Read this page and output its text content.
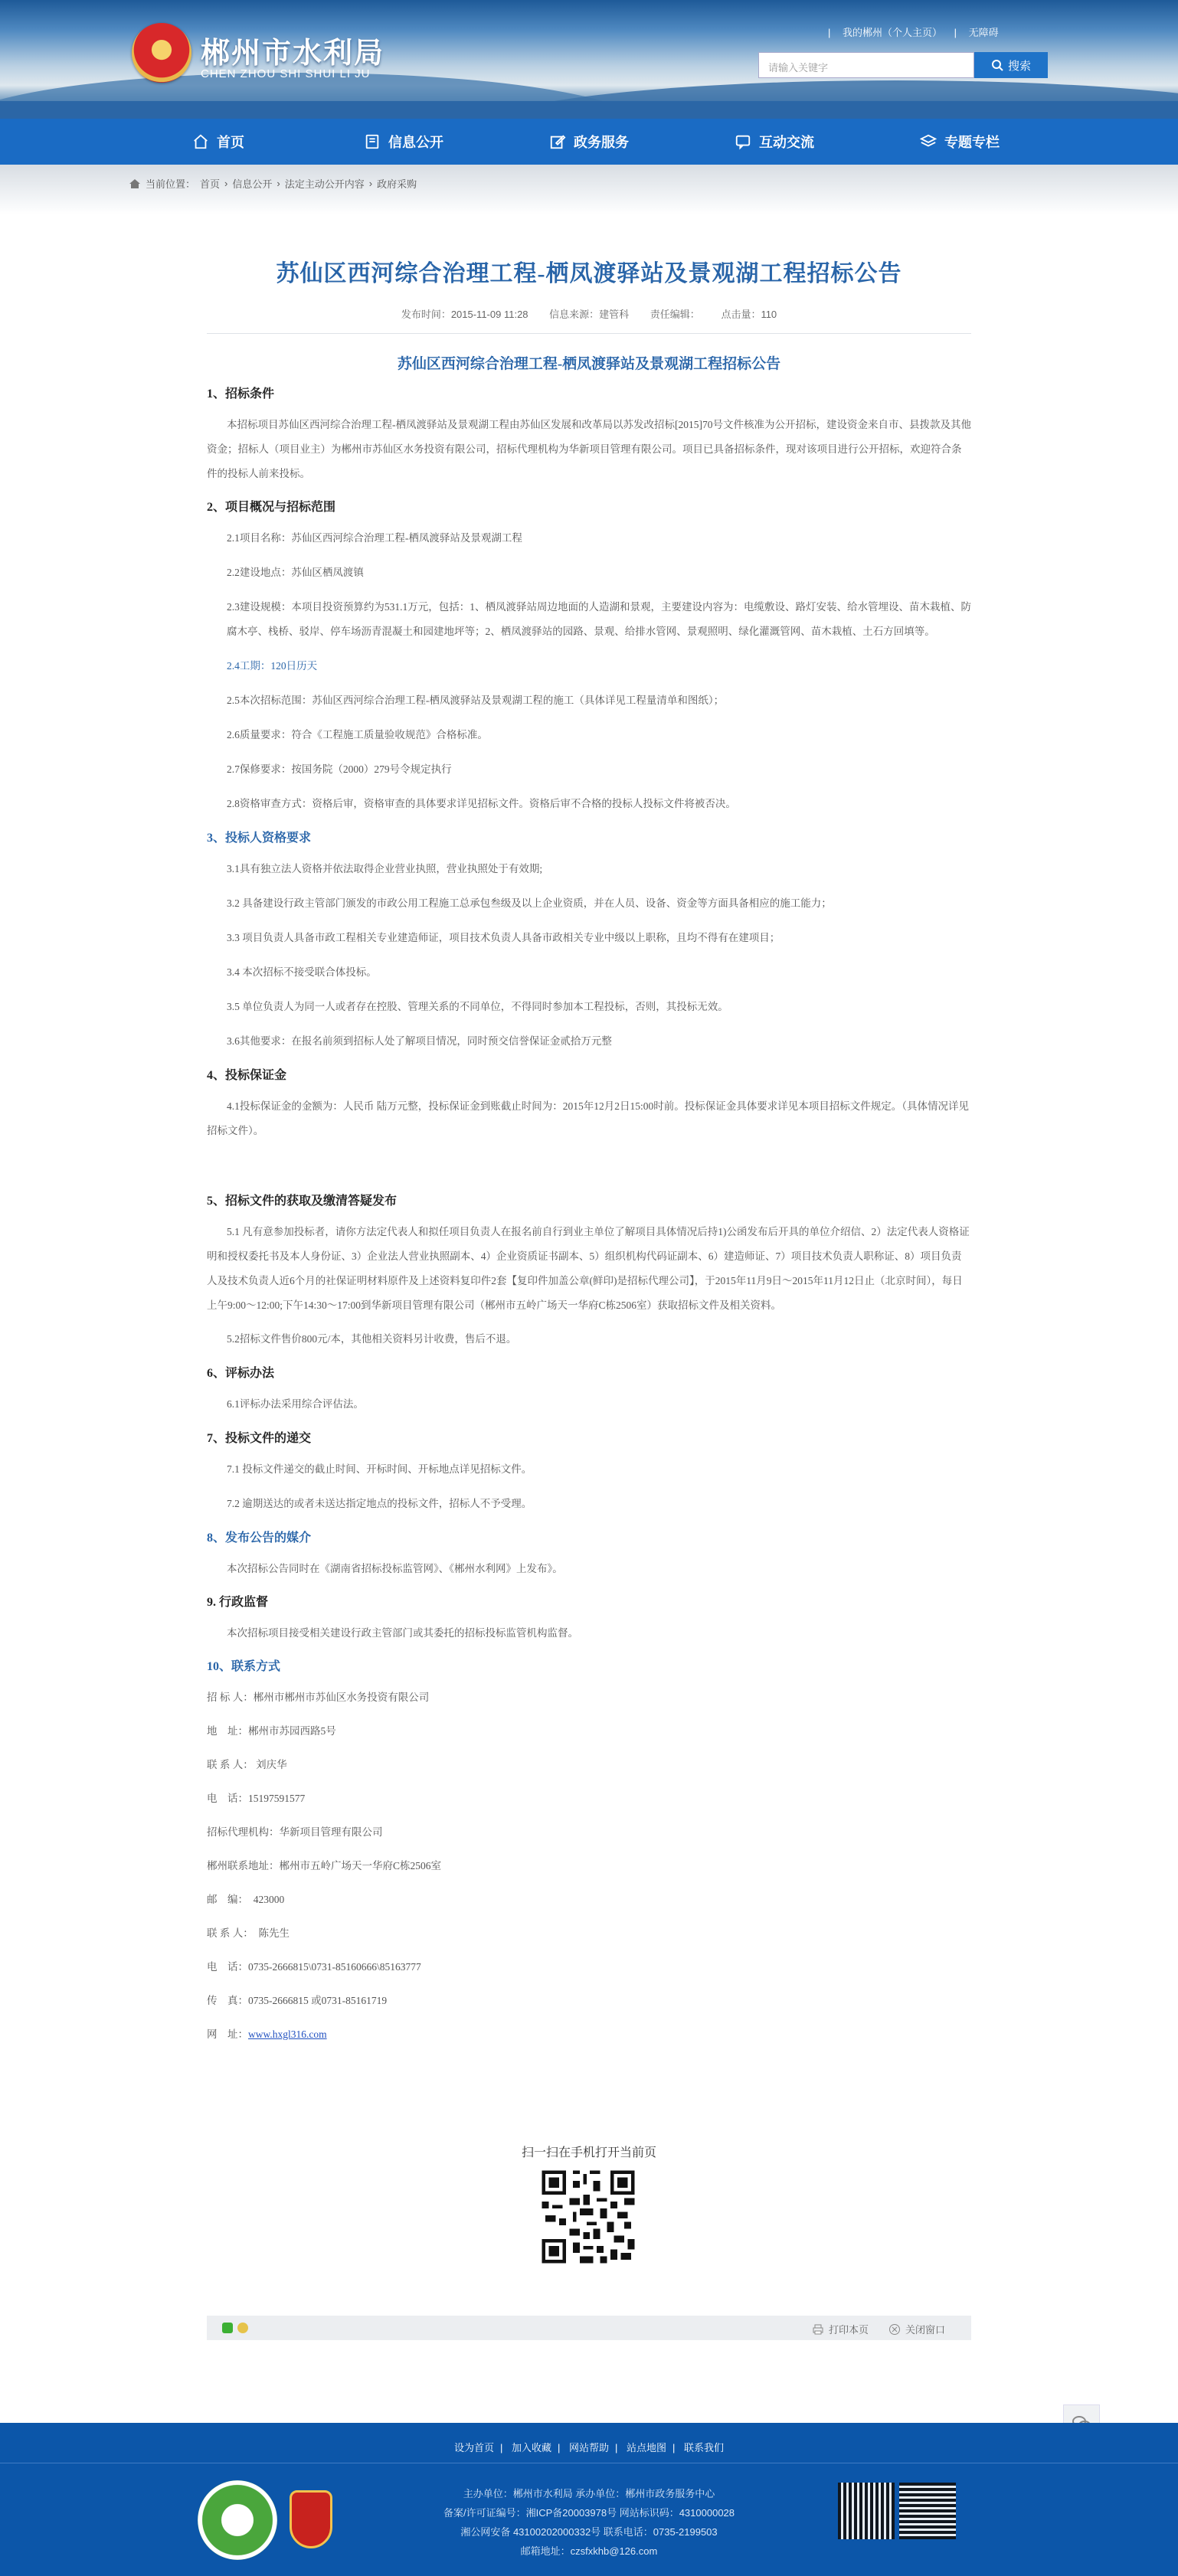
郴州市水利局
CHEN ZHOU SHI SHUI LI JU
| 我的郴州（个人主页） | 无障碍
请输入关键字	搜索
首页	信息公开	政务服务	互动交流	专题专栏
当前位置： 首页 › 信息公开 › 法定主动公开内容 › 政府采购
苏仙区西河综合治理工程-栖凤渡驿站及景观湖工程招标公告
发布时间：2015-11-09 11:28 信息来源：建管科 责任编辑： 点击量：110
苏仙区西河综合治理工程-栖凤渡驿站及景观湖工程招标公告

1、招标条件

本招标项目苏仙区西河综合治理工程-栖凤渡驿站及景观湖工程由苏仙区发展和改革局以苏发改招标[2015]70号文件核准为公开招标，建设资金来自市、县拨款及其他资金；招标人（项目业主）为郴州市苏仙区水务投资有限公司，招标代理机构为华新项目管理有限公司。项目已具备招标条件，现对该项目进行公开招标，欢迎符合条件的投标人前来投标。

2、项目概况与招标范围

2.1项目名称：苏仙区西河综合治理工程-栖凤渡驿站及景观湖工程

2.2建设地点：苏仙区栖凤渡镇

2.3建设规模：本项目投资预算约为531.1万元，包括：1、栖凤渡驿站周边地面的人造湖和景观，主要建设内容为：电缆敷设、路灯安装、给水管埋设、苗木栽植、防腐木亭、栈桥、驳岸、停车场沥青混凝土和园建地坪等；2、栖凤渡驿站的园路、景观、给排水管网、景观照明、绿化灌溉管网、苗木栽植、土石方回填等。

2.4工期：120日历天

2.5本次招标范围：苏仙区西河综合治理工程-栖凤渡驿站及景观湖工程的施工（具体详见工程量清单和图纸）；

2.6质量要求：符合《工程施工质量验收规范》合格标准。

2.7保修要求：按国务院（2000）279号令规定执行

2.8资格审查方式：资格后审，资格审查的具体要求详见招标文件。资格后审不合格的投标人投标文件将被否决。

3、投标人资格要求

3.1具有独立法人资格并依法取得企业营业执照，营业执照处于有效期;

3.2 具备建设行政主管部门颁发的市政公用工程施工总承包叁级及以上企业资质，并在人员、设备、资金等方面具备相应的施工能力；

3.3 项目负责人具备市政工程相关专业建造师证，项目技术负责人具备市政相关专业中级以上职称，且均不得有在建项目；

3.4 本次招标不接受联合体投标。

3.5 单位负责人为同一人或者存在控股、管理关系的不同单位，不得同时参加本工程投标，否则，其投标无效。

3.6其他要求：在报名前须到招标人处了解项目情况，同时预交信誉保证金贰拾万元整

4、投标保证金

4.1投标保证金的金额为：人民币 陆万元整，投标保证金到账截止时间为：2015年12月2日15:00时前。投标保证金具体要求详见本项目招标文件规定。（具体情况详见招标文件）。

5、招标文件的获取及缴清答疑发布

5.1 凡有意参加投标者，请你方法定代表人和拟任项目负责人在报名前自行到业主单位了解项目具体情况后持1)公函发布后开具的单位介绍信、2）法定代表人资格证明和授权委托书及本人身份证、3）企业法人营业执照副本、4）企业资质证书副本、5）组织机构代码证副本、6）建造师证、7）项目技术负责人职称证、8）项目负责人及技术负责人近6个月的社保证明材料原件及上述资料复印件2套【复印件加盖公章(鲜印)是招标代理公司】，于2015年11月9日～2015年11月12日止（北京时间），每日上午9:00～12:00;下午14:30～17:00到华新项目管理有限公司（郴州市五岭广场天一华府C栋2506室）获取招标文件及相关资料。

5.2招标文件售价800元/本，其他相关资料另计收费，售后不退。

6、评标办法

6.1评标办法采用综合评估法。

7、投标文件的递交

7.1 投标文件递交的截止时间、开标时间、开标地点详见招标文件。

7.2 逾期送达的或者未送达指定地点的投标文件，招标人不予受理。

8、发布公告的媒介

本次招标公告同时在《湖南省招标投标监管网》、《郴州水利网》上发布》。

9. 行政监督

本次招标项目接受相关建设行政主管部门或其委托的招标投标监管机构监督。

10、联系方式

招 标 人：郴州市郴州市苏仙区水务投资有限公司

地　址：郴州市苏园西路5号

联 系 人： 刘庆华

电　话：15197591577

招标代理机构：华新项目管理有限公司

郴州联系地址：郴州市五岭广场天一华府C栋2506室

邮　编：　423000

联 系 人：　陈先生

电　话：0735-2666815\0731-85160666\85163777

传　真：0735-2666815 或0731-85161719

网　址：www.hxgl316.com

扫一扫在手机打开当前页
打印本页	关闭窗口
设为首页 | 加入收藏 | 网站帮助 | 站点地图 | 联系我们
主办单位：郴州市水利局 承办单位：郴州市政务服务中心
备案/许可证编号：湘ICP备20003978号 网站标识码：4310000028
湘公网安备 43100202000332号 联系电话：0735-2199503
邮箱地址：czsfxkhb@126.com
